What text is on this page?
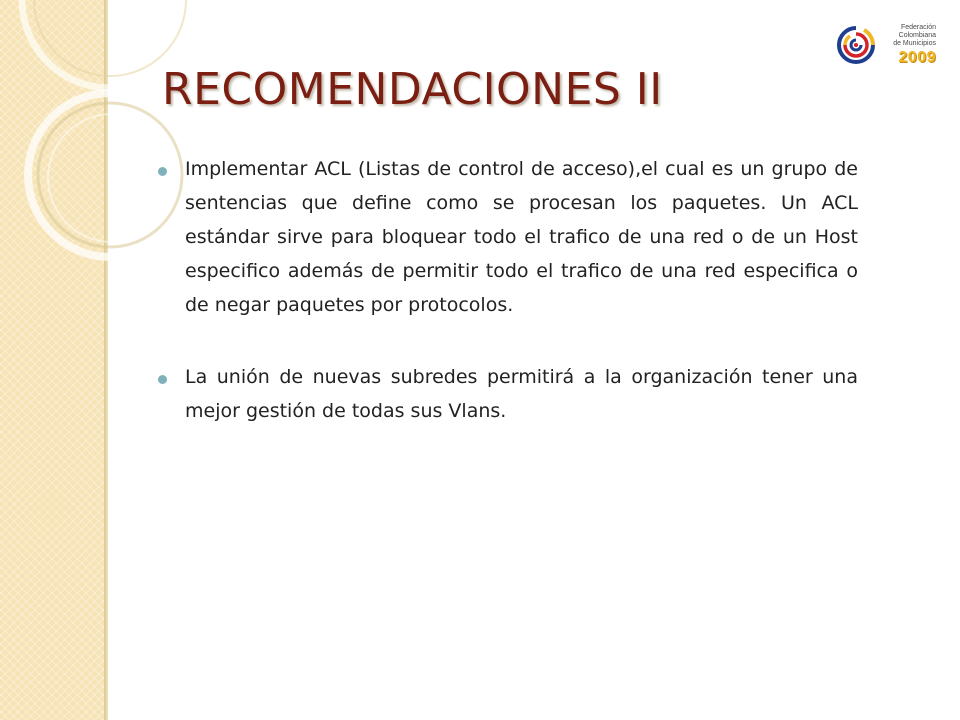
Federación
Colombiana
de Municipios
2009
RECOMENDACIONES II
Implementar ACL (Listas de control de acceso),el cual es un grupo de sentencias que define como se procesan los paquetes. Un ACL estándar sirve para bloquear todo el trafico de una red o de un Host especifico además de permitir todo el trafico de una red especifica o de negar paquetes por protocolos.
La unión de nuevas subredes permitirá a la organización tener una mejor gestión de todas sus Vlans.
